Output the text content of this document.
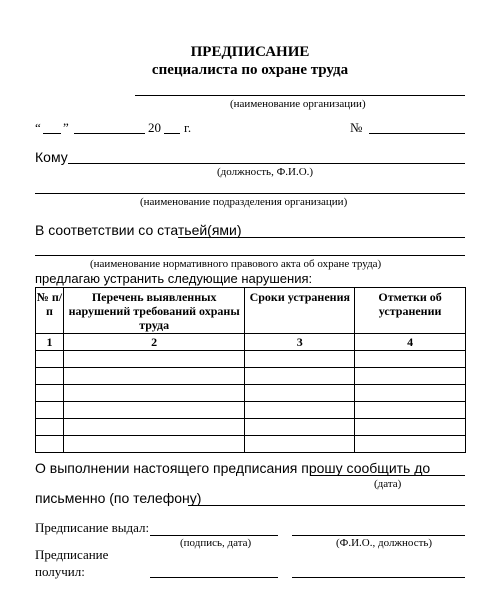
ПРЕДПИСАНИЕ
специалиста по охране труда
(наименование организации)
“ ”	20 г.	№
Кому
(должность, Ф.И.О.)
(наименование подразделения организации)
В соответствии со статьей(ями)
(наименование нормативного правового акта об охране труда)
предлагаю устранить следующие нарушения:
№ п/п	Перечень выявленных нарушений требований охраны труда	Сроки устранения	Отметки об устранении
1	2	3	4

О выполнении настоящего предписания прошу сообщить до
(дата)
письменно (по телефону)
Предписание выдал:
(подпись, дата)	(Ф.И.О., должность)
Предписание
получил:
